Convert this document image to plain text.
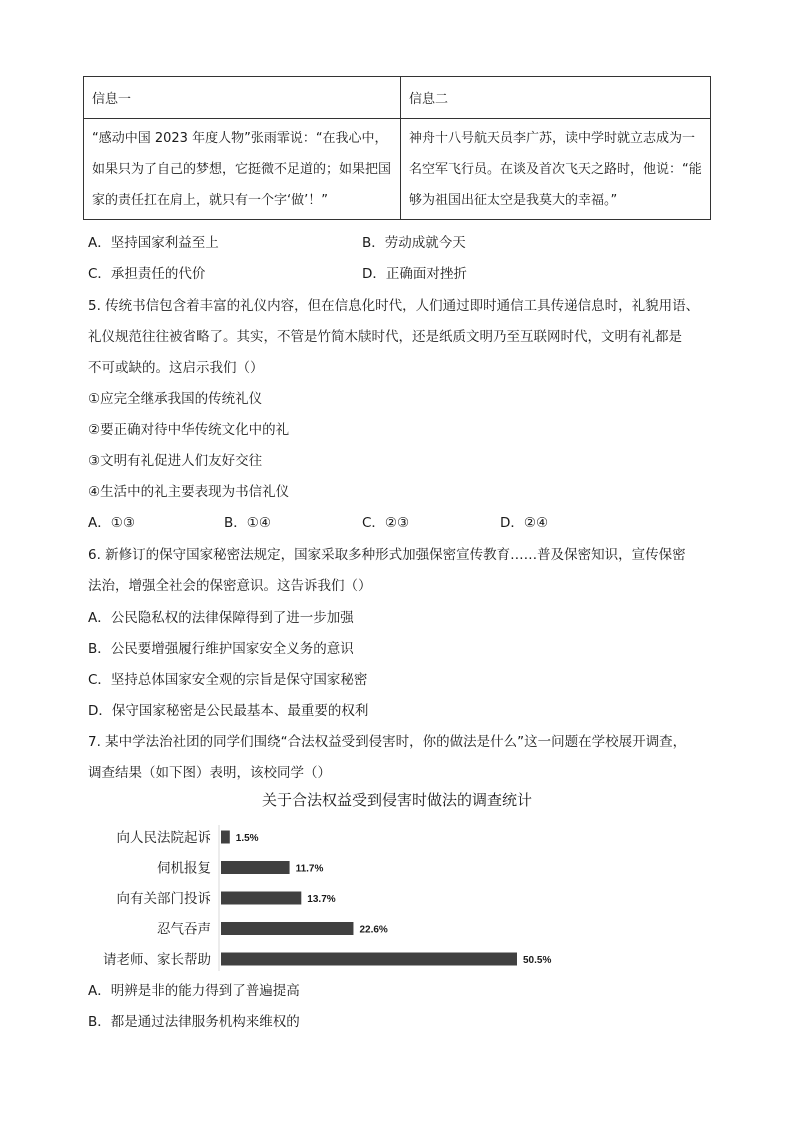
信息一	信息二
“感动中国 2023 年度人物”张雨霏说：“在我心中，如果只为了自己的梦想，它挺微不足道的；如果把国家的责任扛在肩上，就只有一个字‘做’！”	神舟十八号航天员李广苏，读中学时就立志成为一名空军飞行员。在谈及首次飞天之路时，他说：“能够为祖国出征太空是我莫大的幸福。”
A．坚持国家利益至上	B．劳动成就今天
C．承担责任的代价	D．正确面对挫折
5. 传统书信包含着丰富的礼仪内容，但在信息化时代，人们通过即时通信工具传递信息时，礼貌用语、
礼仪规范往往被省略了。其实，不管是竹简木牍时代，还是纸质文明乃至互联网时代，文明有礼都是
不可或缺的。这启示我们（）
①应完全继承我国的传统礼仪
②要正确对待中华传统文化中的礼
③文明有礼促进人们友好交往
④生活中的礼主要表现为书信礼仪
A．①③	B．①④	C．②③	D．②④
6. 新修订的保守国家秘密法规定，国家采取多种形式加强保密宣传教育……普及保密知识，宣传保密
法治，增强全社会的保密意识。这告诉我们（）
A．公民隐私权的法律保障得到了进一步加强
B．公民要增强履行维护国家安全义务的意识
C．坚持总体国家安全观的宗旨是保守国家秘密
D．保守国家秘密是公民最基本、最重要的权利
7. 某中学法治社团的同学们围绕“合法权益受到侵害时，你的做法是什么”这一问题在学校展开调查，
调查结果（如下图）表明，该校同学（）
关于合法权益受到侵害时做法的调查统计
向人民法院起诉 1.5%
伺机报复	11.7%
向有关部门投诉	13.7%
忍气吞声	22.6%
请老师、家长帮助	50.5%
A．明辨是非的能力得到了普遍提高
B．都是通过法律服务机构来维权的
